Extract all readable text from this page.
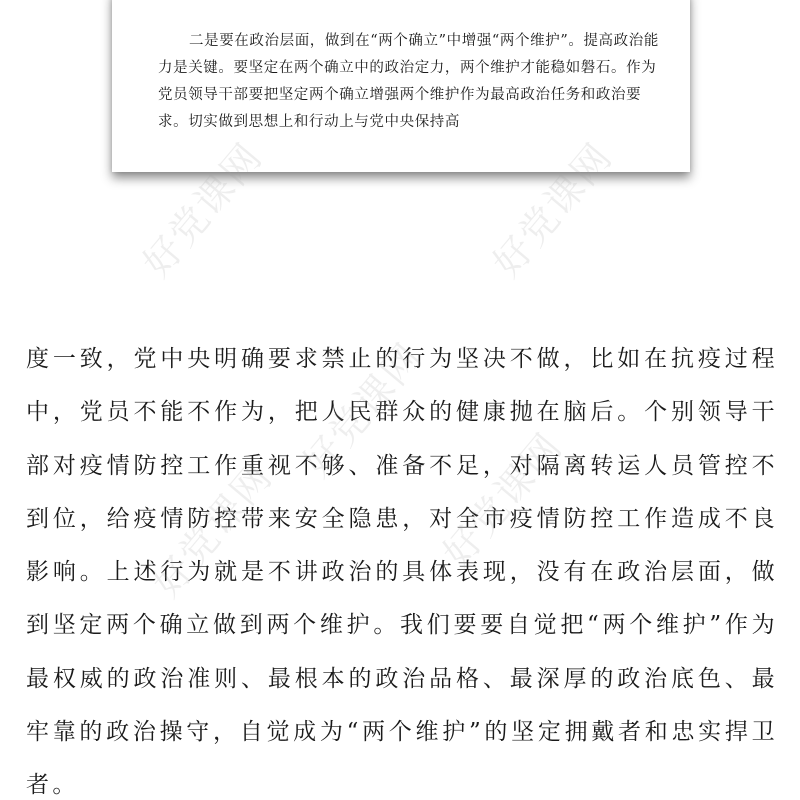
二是要在政治层面，做到在“两个确立”中增强“两个维护”。提高政治能力是关键。要坚定在两个确立中的政治定力，两个维护才能稳如磐石。作为党员领导干部要把坚定两个确立增强两个维护作为最高政治任务和政治要求。切实做到思想上和行动上与党中央保持高

度一致，党中央明确要求禁止的行为坚决不做，比如在抗疫过程中，党员不能不作为，把人民群众的健康抛在脑后。个别领导干部对疫情防控工作重视不够、准备不足，对隔离转运人员管控不到位，给疫情防控带来安全隐患，对全市疫情防控工作造成不良影响。上述行为就是不讲政治的具体表现，没有在政治层面，做到坚定两个确立做到两个维护。我们要要自觉把“两个维护”作为最权威的政治准则、最根本的政治品格、最深厚的政治底色、最牢靠的政治操守，自觉成为“两个维护”的坚定拥戴者和忠实捍卫者。

好党课网	好党课网
好党课网
好党课网	好党课网
